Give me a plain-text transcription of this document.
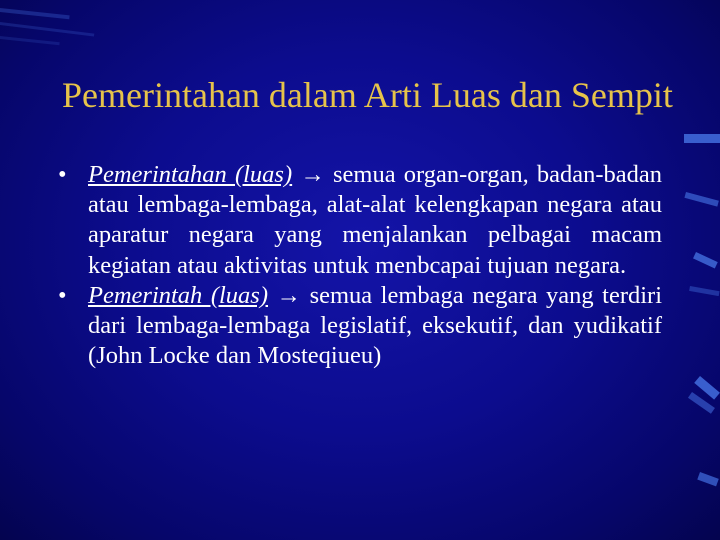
Pemerintahan dalam Arti Luas dan Sempit
• Pemerintahan (luas) → semua organ-organ, badan-badan atau lembaga-lembaga, alat-alat kelengkapan negara atau aparatur negara yang menjalankan pelbagai macam kegiatan atau aktivitas untuk menbcapai tujuan negara.
• Pemerintah (luas) → semua lembaga negara yang terdiri dari lembaga-lembaga legislatif, eksekutif, dan yudikatif (John Locke dan Mosteqiueu)
